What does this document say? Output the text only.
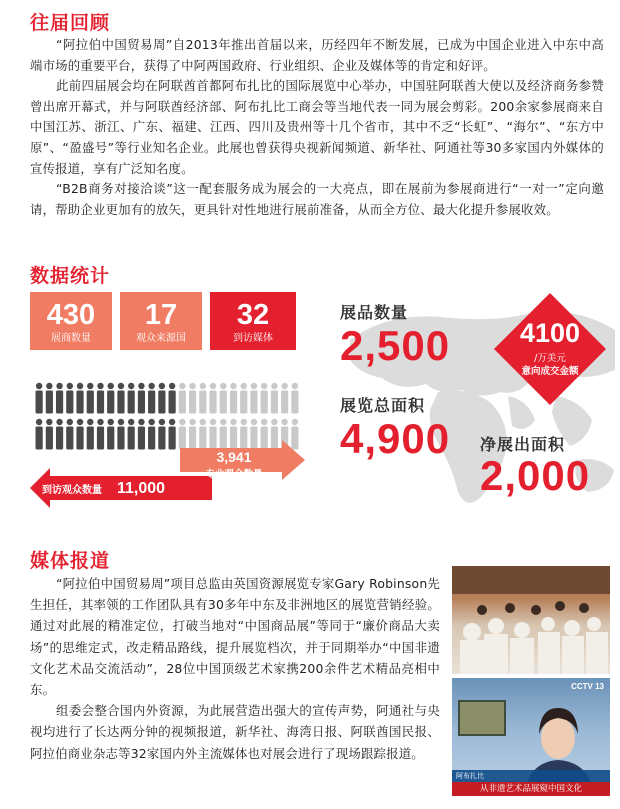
往届回顾

“阿拉伯中国贸易周”自2013年推出首届以来，历经四年不断发展，已成为中国企业进入中东中高端市场的重要平台，获得了中阿两国政府、行业组织、企业及媒体等的肯定和好评。

此前四届展会均在阿联酋首都阿布扎比的国际展览中心举办，中国驻阿联酋大使以及经济商务参赞曾出席开幕式，并与阿联酋经济部、阿布扎比工商会等当地代表一同为展会剪彩。200余家参展商来自中国江苏、浙江、广东、福建、江西、四川及贵州等十几个省市，其中不乏“长虹”、“海尔”、“东方中原”、“盈盛号”等行业知名企业。此展也曾获得央视新闻频道、新华社、阿通社等30多家国内外媒体的宣传报道，享有广泛知名度。

“B2B商务对接洽谈”这一配套服务成为展会的一大亮点，即在展前为参展商进行“一对一”定向邀请，帮助企业更加有的放矢，更具针对性地进行展前准备，从而全方位、最大化提升参展收效。

数据统计
430
展商数量
17
观众来源国
32
到访媒体
3,941
专业观众数量
到访观众数量 11,000
展品数量
2,500	4100
/万美元
意向成交金额
展览总面积
4,900 净展出面积
2,000
媒体报道

“阿拉伯中国贸易周”项目总监由英国资源展览专家Gary Robinson先生担任，其率领的工作团队具有30多年中东及非洲地区的展览营销经验。通过对此展的精准定位，打破当地对“中国商品展”等同于“廉价商品大卖场”的思维定式，改走精品路线，提升展览档次，并于同期举办“中国非遗文化艺术品交流活动”，28位中国顶级艺术家携200余件艺术精品亮相中东。

组委会整合国内外资源，为此展营造出强大的宣传声势，阿通社与央视均进行了长达两分钟的视频报道，新华社、海湾日报、阿联酋国民报、阿拉伯商业杂志等32家国内外主流媒体也对展会进行了现场跟踪报道。

CCTV 13
阿布扎比
从非遗艺术品展窥中国文化
